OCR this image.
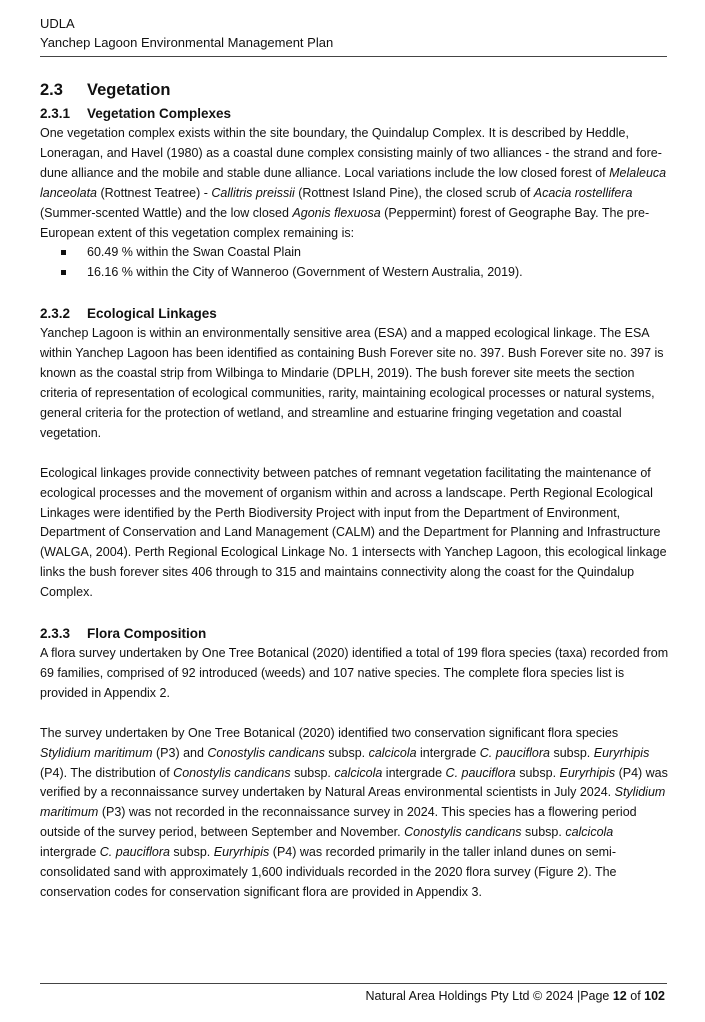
UDLA
Yanchep Lagoon Environmental Management Plan
2.3 Vegetation
2.3.1 Vegetation Complexes

One vegetation complex exists within the site boundary, the Quindalup Complex. It is described by Heddle, Loneragan, and Havel (1980) as a coastal dune complex consisting mainly of two alliances - the strand and fore-dune alliance and the mobile and stable dune alliance. Local variations include the low closed forest of Melaleuca lanceolata (Rottnest Teatree) - Callitris preissii (Rottnest Island Pine), the closed scrub of Acacia rostellifera (Summer-scented Wattle) and the low closed Agonis flexuosa (Peppermint) forest of Geographe Bay. The pre-European extent of this vegetation complex remaining is:

60.49 % within the Swan Coastal Plain
16.16 % within the City of Wanneroo (Government of Western Australia, 2019).
2.3.2 Ecological Linkages

Yanchep Lagoon is within an environmentally sensitive area (ESA) and a mapped ecological linkage. The ESA within Yanchep Lagoon has been identified as containing Bush Forever site no. 397. Bush Forever site no. 397 is known as the coastal strip from Wilbinga to Mindarie (DPLH, 2019). The bush forever site meets the section criteria of representation of ecological communities, rarity, maintaining ecological processes or natural systems, general criteria for the protection of wetland, and streamline and estuarine fringing vegetation and coastal vegetation.

Ecological linkages provide connectivity between patches of remnant vegetation facilitating the maintenance of ecological processes and the movement of organism within and across a landscape. Perth Regional Ecological Linkages were identified by the Perth Biodiversity Project with input from the Department of Environment, Department of Conservation and Land Management (CALM) and the Department for Planning and Infrastructure (WALGA, 2004). Perth Regional Ecological Linkage No. 1 intersects with Yanchep Lagoon, this ecological linkage links the bush forever sites 406 through to 315 and maintains connectivity along the coast for the Quindalup Complex.

2.3.3 Flora Composition

A flora survey undertaken by One Tree Botanical (2020) identified a total of 199 flora species (taxa) recorded from 69 families, comprised of 92 introduced (weeds) and 107 native species. The complete flora species list is provided in Appendix 2.

The survey undertaken by One Tree Botanical (2020) identified two conservation significant flora species Stylidium maritimum (P3) and Conostylis candicans subsp. calcicola intergrade C. pauciflora subsp. Euryrhipis (P4). The distribution of Conostylis candicans subsp. calcicola intergrade C. pauciflora subsp. Euryrhipis (P4) was verified by a reconnaissance survey undertaken by Natural Areas environmental scientists in July 2024. Stylidium maritimum (P3) was not recorded in the reconnaissance survey in 2024. This species has a flowering period outside of the survey period, between September and November. Conostylis candicans subsp. calcicola intergrade C. pauciflora subsp. Euryrhipis (P4) was recorded primarily in the taller inland dunes on semi-consolidated sand with approximately 1,600 individuals recorded in the 2020 flora survey (Figure 2). The conservation codes for conservation significant flora are provided in Appendix 3.

Natural Area Holdings Pty Ltd © 2024 |Page 12 of 102
